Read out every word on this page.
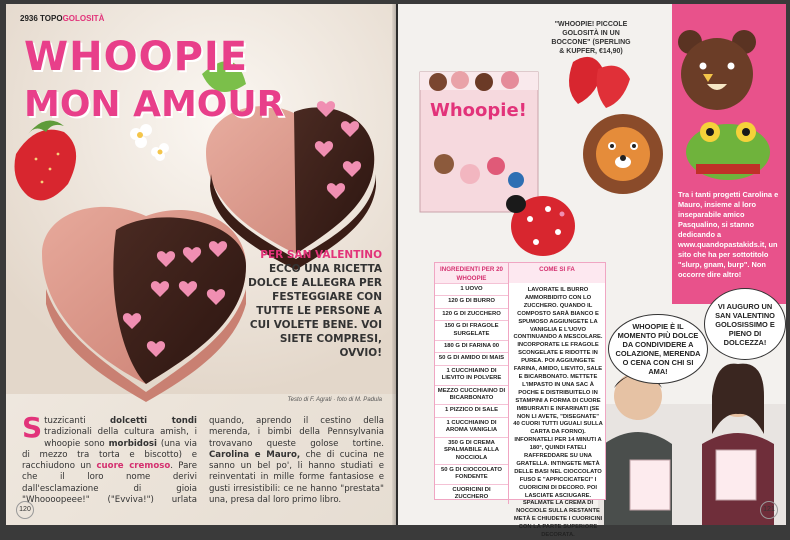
2936 TOPOGOLOSITÀ
WHOOPIE
MON AMOUR
PER SAN VALENTINO ECCO UNA RICETTA DOLCE E ALLEGRA PER FESTEGGIARE CON TUTTE LE PERSONE A CUI VOLETE BENE. VOI SIETE COMPRESI, OVVIO!
Testo di F. Agrati · foto di M. Padula
Stuzzicanti dolcetti tondi tradizionali della cultura amish, i whoopie sono morbidosi (una via di mezzo tra torta e biscotto) e racchiudono un cuore cremoso. Pare che il loro nome derivi dall'esclamazione di gioia "Whoooopeee!" ("Evviva!") urlata quando, aprendo il cestino della merenda, i bimbi della Pennsylvania trovavano queste golose tortine. Carolina e Mauro, che di cucina ne sanno un bel po', li hanno studiati e reinventati in mille forme fantasiose e gusti irresistibili: ce ne hanno "prestata" una, presa dal loro primo libro.
120
"WHOOPIE! PICCOLE GOLOSITÀ IN UN BOCCONE" (SPERLING & KUPFER, €14,90)
Whoopie!
Tra i tanti progetti Carolina e Mauro, insieme al loro inseparabile amico Pasqualino, si stanno dedicando a www.quandopastakids.it, un sito che ha per sottotitolo "slurp, gnam, burp". Non occorre dire altro!
INGREDIENTI PER 20 WHOOPIE
COME SI FA
1 UOVO
120 G DI BURRO
120 G DI ZUCCHERO
150 G DI FRAGOLE SURGELATE
180 G DI FARINA 00
50 G DI AMIDO DI MAIS
1 CUCCHIAINO DI LIEVITO IN POLVERE
MEZZO CUCCHIAINO DI BICARBONATO
1 PIZZICO DI SALE
1 CUCCHIAINO DI AROMA VANIGLIA
350 G DI CREMA SPALMABILE ALLA NOCCIOLA
50 G DI CIOCCOLATO FONDENTE
CUORICINI DI ZUCCHERO
LAVORATE IL BURRO AMMORBIDITO CON LO ZUCCHERO. QUANDO IL COMPOSTO SARÀ BIANCO E SPUMOSO AGGIUNGETE LA VANIGLIA E L'UOVO CONTINUANDO A MESCOLARE. INCORPORATE LE FRAGOLE SCONGELATE E RIDOTTE IN PUREA. POI AGGIUNGETE FARINA, AMIDO, LIEVITO, SALE E BICARBONATO. METTETE L'IMPASTO IN UNA SAC À POCHE E DISTRIBUITELO IN STAMPINI A FORMA DI CUORE IMBURRATI E INFARINATI (SE NON LI AVETE, "DISEGNATE" 40 CUORI TUTTI UGUALI SULLA CARTA DA FORNO). INFORNATELI PER 14 MINUTI A 180°, QUINDI FATELI RAFFREDDARE SU UNA GRATELLA. INTINGETE METÀ DELLE BASI NEL CIOCCOLATO FUSO E "APPICCICATECI" I CUORICINI DI DECORO. POI LASCIATE ASCIUGARE. SPALMATE LA CREMA DI NOCCIOLE SULLA RESTANTE METÀ E CHIUDETE I CUORICINI CON LA PARTE SUPERIORE DECORATA.
WHOOPIE È IL MOMENTO PIÙ DOLCE DA CONDIVIDERE A COLAZIONE, MERENDA O CENA CON CHI SI AMA!
VI AUGURO UN SAN VALENTINO GOLOSISSIMO E PIENO DI DOLCEZZA!
121
